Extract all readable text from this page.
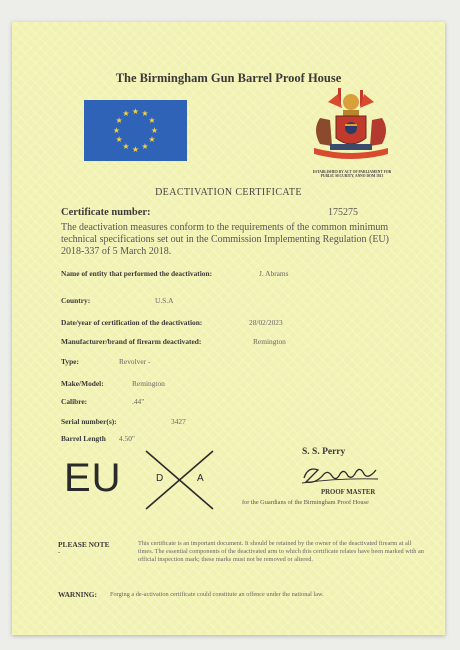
The Birmingham Gun Barrel Proof House
★ ★
★
★
★
★
★
★
★
★
★
★
ESTABLISHED BY ACT OF PARLIAMENT FOR PUBLIC SECURITY, ANNO DOM 1813
DEACTIVATION CERTIFICATE
Certificate number:	175275
The deactivation measures conform to the requirements of the common minimum technical specifications set out in the Commission Implementing Regulation (EU) 2018-337 of 5 March 2018.
Name of entity that performed the deactivation:	J. Abrams
Country:	U.S.A
Date/year of certification of the deactivation:	28/02/2023
Manufacturer/brand of firearm deactivated:	Remington
Type:	Revolver -
Make/Model:	Remington
Calibre:	.44"
Serial number(s):	3427
Barrel Length 4.50"
EU	D	A
S. S. Perry
PROOF MASTER
for the Guardians of the Birmingham Proof House
PLEASE NOTE
-
This certificate is an important document. It should be retained by the owner of the deactivated firearm at all times. The essential components of the deactivated arm to which this certificate relates have been marked with an official inspection mark; these marks must not be removed or altered.
WARNING: Forging a de-activation certificate could constitute an offence under the national law.
